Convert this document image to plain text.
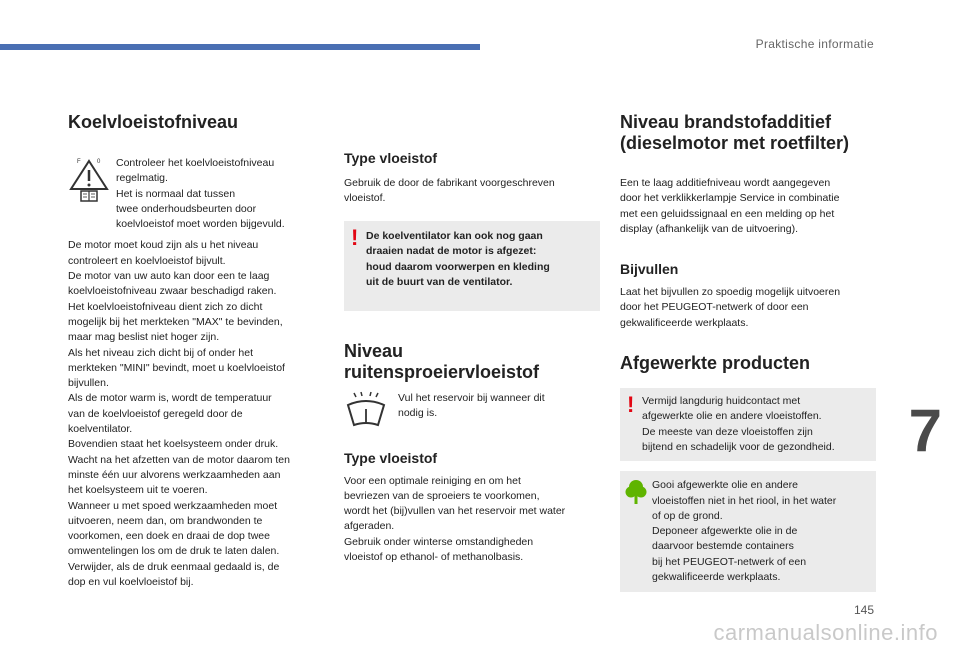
Praktische informatie
7
145
carmanualsonline.info
Koelvloeistofniveau
F	0 Controleer het koelvloeistofniveau
regelmatig.
Het is normaal dat tussen
twee onderhoudsbeurten door
koelvloeistof moet worden bijgevuld.
De motor moet koud zijn als u het niveau
controleert en koelvloeistof bijvult.
De motor van uw auto kan door een te laag
koelvloeistofniveau zwaar beschadigd raken.
Het koelvloeistofniveau dient zich zo dicht
mogelijk bij het merkteken "MAX" te bevinden,
maar mag beslist niet hoger zijn.
Als het niveau zich dicht bij of onder het
merkteken "MINI" bevindt, moet u koelvloeistof
bijvullen.
Als de motor warm is, wordt de temperatuur
van de koelvloeistof geregeld door de
koelventilator.
Bovendien staat het koelsysteem onder druk.
Wacht na het afzetten van de motor daarom ten
minste één uur alvorens werkzaamheden aan
het koelsysteem uit te voeren.
Wanneer u met spoed werkzaamheden moet
uitvoeren, neem dan, om brandwonden te
voorkomen, een doek en draai de dop twee
omwentelingen los om de druk te laten dalen.
Verwijder, als de druk eenmaal gedaald is, de
dop en vul koelvloeistof bij.
Type vloeistof
Gebruik de door de fabrikant voorgeschreven
vloeistof.
! De koelventilator kan ook nog gaan
draaien nadat de motor is afgezet:
houd daarom voorwerpen en kleding
uit de buurt van de ventilator.
Niveau
ruitensproeiervloeistof
Vul het reservoir bij wanneer dit
nodig is.
Type vloeistof
Voor een optimale reiniging en om het
bevriezen van de sproeiers te voorkomen,
wordt het (bij)vullen van het reservoir met water
afgeraden.
Gebruik onder winterse omstandigheden
vloeistof op ethanol- of methanolbasis.
Niveau brandstofadditief
(dieselmotor met roetfilter)
Een te laag additiefniveau wordt aangegeven
door het verklikkerlampje Service in combinatie
met een geluidssignaal en een melding op het
display (afhankelijk van de uitvoering).
Bijvullen
Laat het bijvullen zo spoedig mogelijk uitvoeren
door het PEUGEOT-netwerk of door een
gekwalificeerde werkplaats.
Afgewerkte producten
! Vermijd langdurig huidcontact met
afgewerkte olie en andere vloeistoffen.
De meeste van deze vloeistoffen zijn
bijtend en schadelijk voor de gezondheid.
Gooi afgewerkte olie en andere
vloeistoffen niet in het riool, in het water
of op de grond.
Deponeer afgewerkte olie in de
daarvoor bestemde containers
bij het PEUGEOT-netwerk of een
gekwalificeerde werkplaats.
